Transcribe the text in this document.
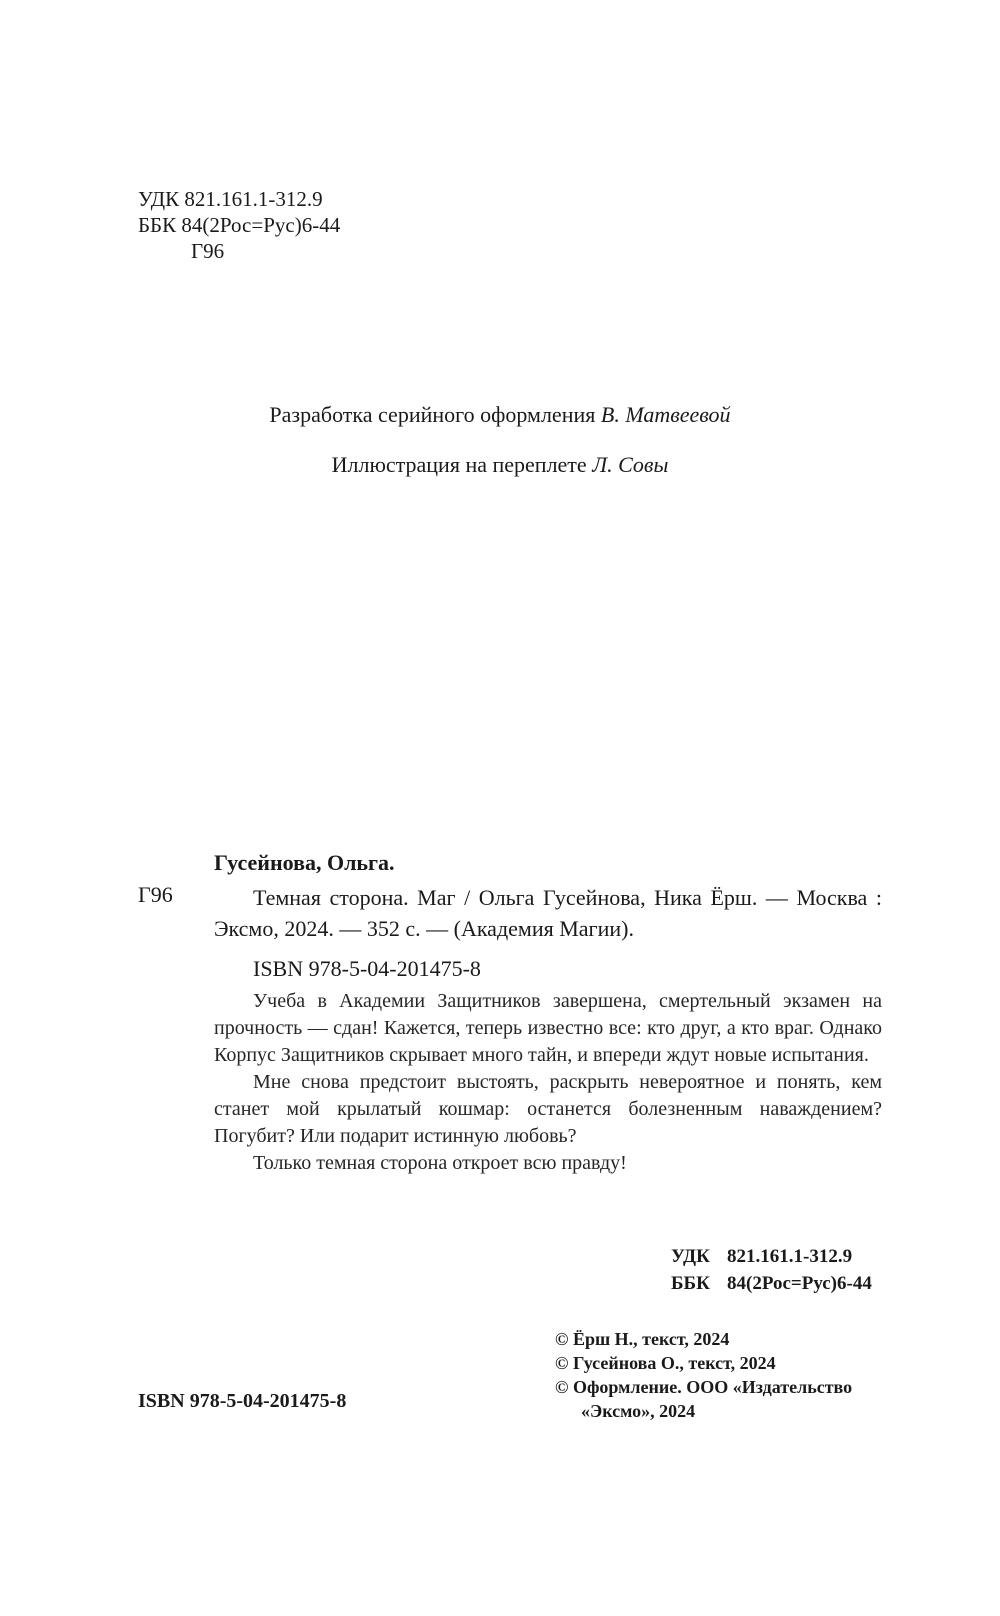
УДК 821.161.1-312.9
ББК 84(2Рос=Рус)6-44
Г96
Разработка серийного оформления В. Матвеевой
Иллюстрация на переплете Л. Совы
Гусейнова, Ольга.
Г96	Темная сторона. Маг / Ольга Гусейнова, Ника Ёрш. — Москва : Эксмо, 2024. — 352 с. — (Академия Магии).
ISBN 978-5-04-201475-8

Учеба в Академии Защитников завершена, смертельный экзамен на прочность — сдан! Кажется, теперь известно все: кто друг, а кто враг. Однако Корпус Защитников скрывает много тайн, и впереди ждут новые испытания.

Мне снова предстоит выстоять, раскрыть невероятное и понять, кем станет мой крылатый кошмар: останется болезненным наваждением? Погубит? Или подарит истинную любовь?

Только темная сторона откроет всю правду!

УДК 821.161.1-312.9
ББК 84(2Рос=Рус)6-44
© Ёрш Н., текст, 2024
© Гусейнова О., текст, 2024
© Оформление. ООО «Издательство
«Эксмо», 2024
ISBN 978-5-04-201475-8
